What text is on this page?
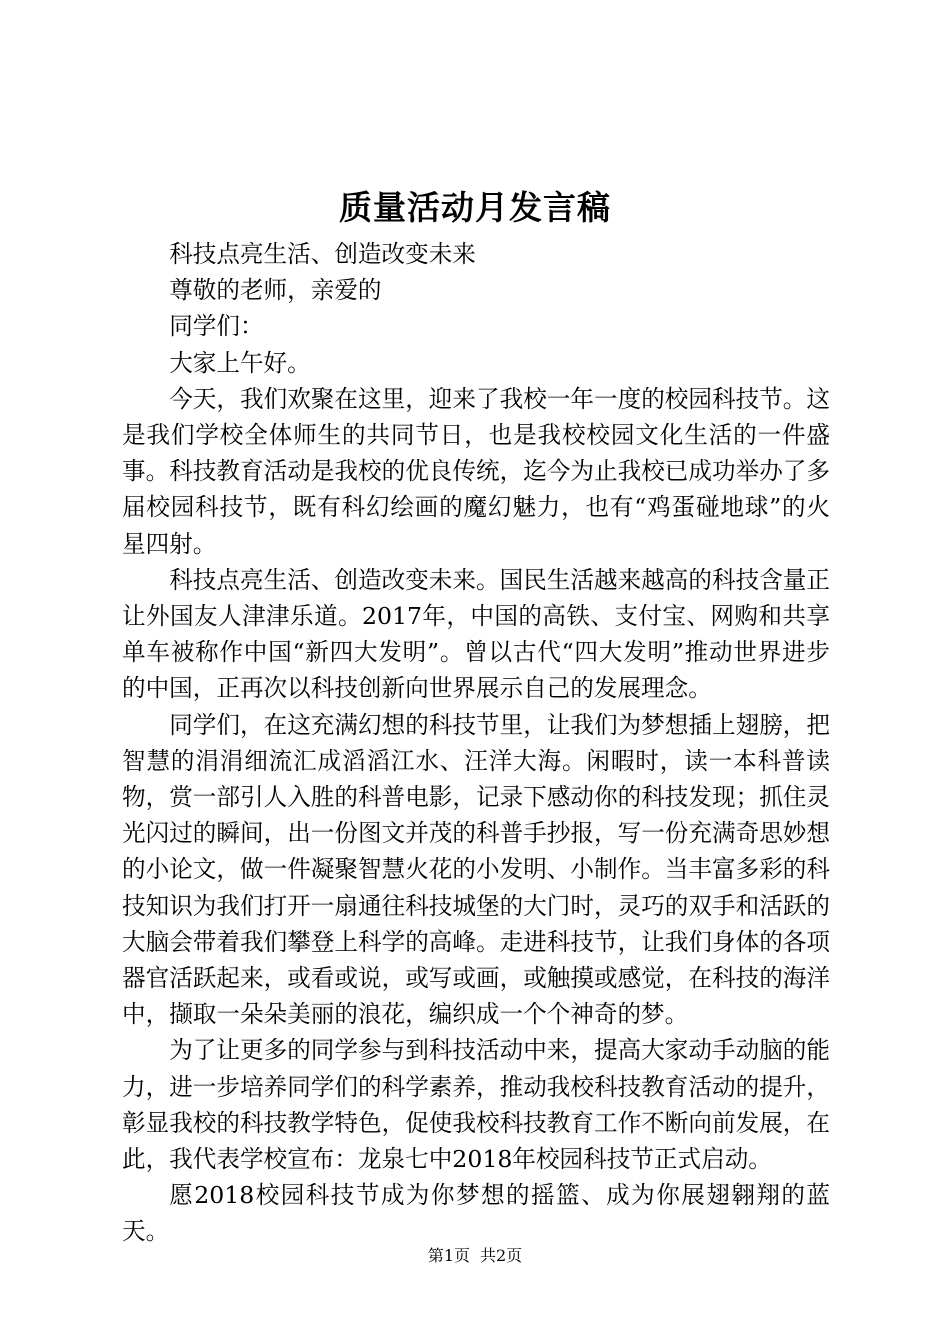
质量活动月发言稿

科技点亮生活、创造改变未来

尊敬的老师，亲爱的

同学们：

大家上午好。

今天，我们欢聚在这里，迎来了我校一年一度的校园科技节。这是我们学校全体师生的共同节日，也是我校校园文化生活的一件盛事。科技教育活动是我校的优良传统，迄今为止我校已成功举办了多届校园科技节，既有科幻绘画的魔幻魅力，也有“鸡蛋碰地球”的火星四射。

科技点亮生活、创造改变未来。国民生活越来越高的科技含量正让外国友人津津乐道。2017年，中国的高铁、支付宝、网购和共享单车被称作中国“新四大发明”。曾以古代“四大发明”推动世界进步的中国，正再次以科技创新向世界展示自己的发展理念。

同学们，在这充满幻想的科技节里，让我们为梦想插上翅膀，把智慧的涓涓细流汇成滔滔江水、汪洋大海。闲暇时，读一本科普读物，赏一部引人入胜的科普电影，记录下感动你的科技发现；抓住灵光闪过的瞬间，出一份图文并茂的科普手抄报，写一份充满奇思妙想的小论文，做一件凝聚智慧火花的小发明、小制作。当丰富多彩的科技知识为我们打开一扇通往科技城堡的大门时，灵巧的双手和活跃的大脑会带着我们攀登上科学的高峰。走进科技节，让我们身体的各项器官活跃起来，或看或说，或写或画，或触摸或感觉，在科技的海洋中，撷取一朵朵美丽的浪花，编织成一个个神奇的梦。

为了让更多的同学参与到科技活动中来，提高大家动手动脑的能力，进一步培养同学们的科学素养，推动我校科技教育活动的提升，彰显我校的科技教学特色，促使我校科技教育工作不断向前发展，在此，我代表学校宣布：龙泉七中2018年校园科技节正式启动。

愿2018校园科技节成为你梦想的摇篮、成为你展翅翱翔的蓝天。

第1页 共2页
